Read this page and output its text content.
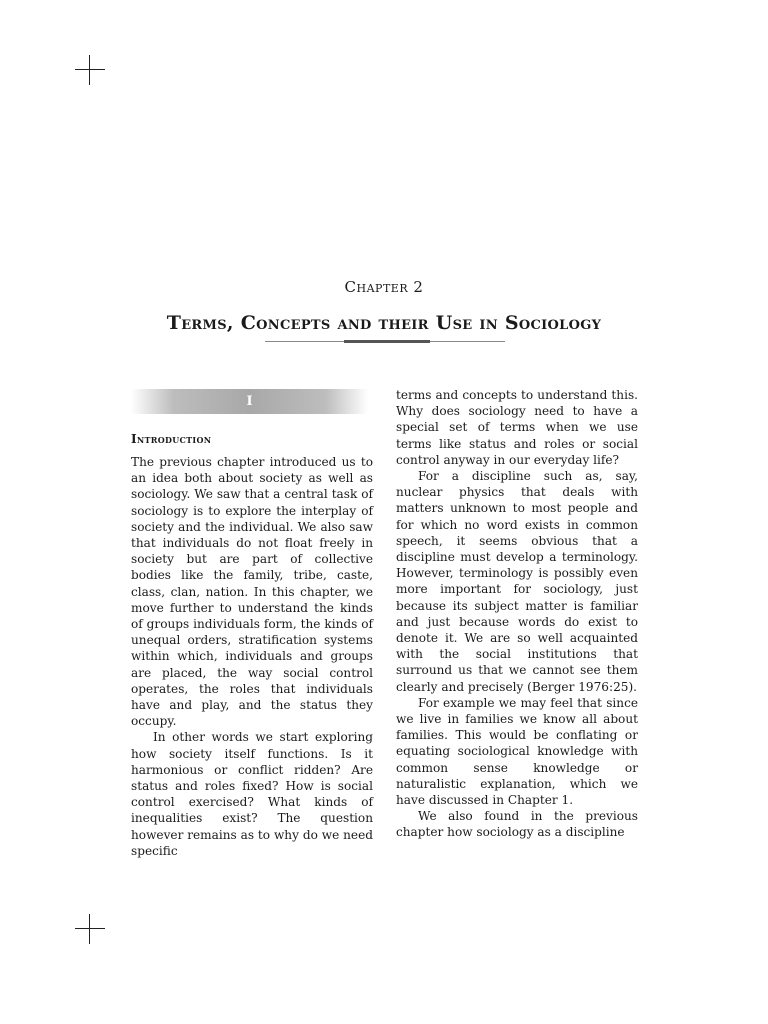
Chapter 2
Terms, Concepts and their Use in Sociology
I
Introduction

The previous chapter introduced us to an idea both about society as well as sociology. We saw that a central task of sociology is to explore the interplay of society and the individual. We also saw that individuals do not float freely in society but are part of collective bodies like the family, tribe, caste, class, clan, nation. In this chapter, we move further to understand the kinds of groups individuals form, the kinds of unequal orders, stratification systems within which, individuals and groups are placed, the way social control operates, the roles that individuals have and play, and the status they occupy.

In other words we start exploring how society itself functions. Is it harmonious or conflict ridden? Are status and roles fixed? How is social control exercised? What kinds of inequalities exist? The question however remains as to why do we need specific

terms and concepts to understand this. Why does sociology need to have a special set of terms when we use terms like status and roles or social control anyway in our everyday life?

For a discipline such as, say, nuclear physics that deals with matters unknown to most people and for which no word exists in common speech, it seems obvious that a discipline must develop a terminology. However, terminology is possibly even more important for sociology, just because its subject matter is familiar and just because words do exist to denote it. We are so well acquainted with the social institutions that surround us that we cannot see them clearly and precisely (Berger 1976:25).

For example we may feel that since we live in families we know all about families. This would be conflating or equating sociological knowledge with common sense knowledge or naturalistic explanation, which we have discussed in Chapter 1.

We also found in the previous chapter how sociology as a discipline
